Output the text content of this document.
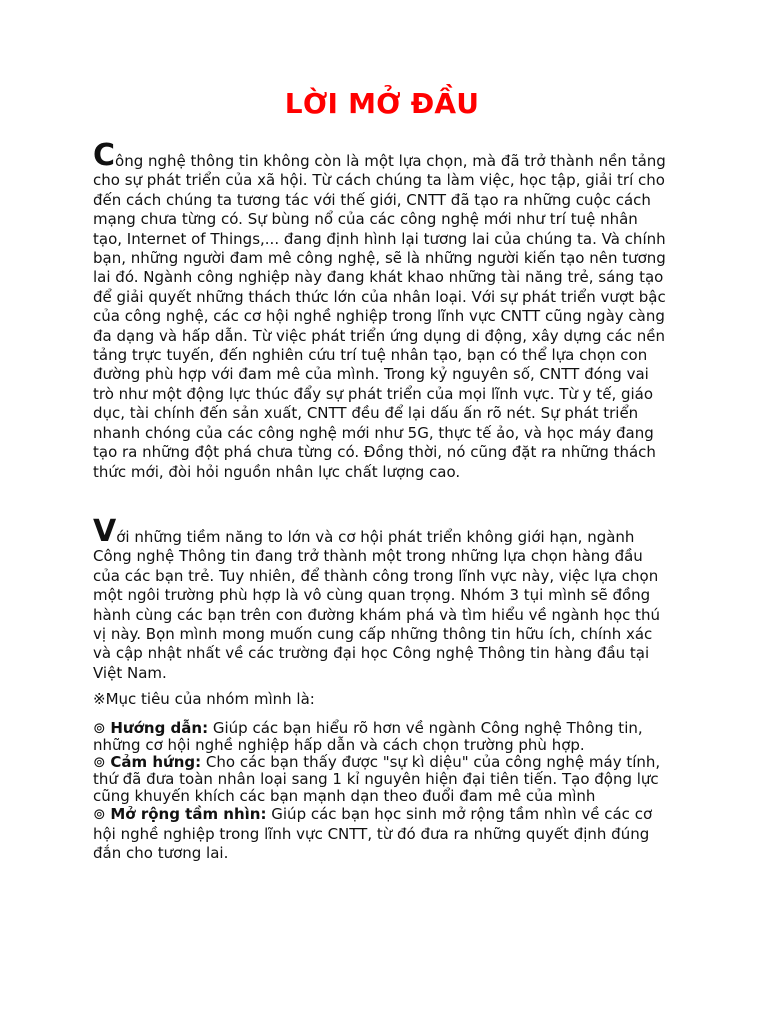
LỜI MỞ ĐẦU

Công nghệ thông tin không còn là một lựa chọn, mà đã trở thành nền tảng cho sự phát triển của xã hội. Từ cách chúng ta làm việc, học tập, giải trí cho đến cách chúng ta tương tác với thế giới, CNTT đã tạo ra những cuộc cách mạng chưa từng có. Sự bùng nổ của các công nghệ mới như trí tuệ nhân tạo, Internet of Things,... đang định hình lại tương lai của chúng ta. Và chính bạn, những người đam mê công nghệ, sẽ là những người kiến tạo nên tương lai đó. Ngành công nghiệp này đang khát khao những tài năng trẻ, sáng tạo để giải quyết những thách thức lớn của nhân loại. Với sự phát triển vượt bậc của công nghệ, các cơ hội nghề nghiệp trong lĩnh vực CNTT cũng ngày càng đa dạng và hấp dẫn. Từ việc phát triển ứng dụng di động, xây dựng các nền tảng trực tuyến, đến nghiên cứu trí tuệ nhân tạo, bạn có thể lựa chọn con đường phù hợp với đam mê của mình. Trong kỷ nguyên số, CNTT đóng vai trò như một động lực thúc đẩy sự phát triển của mọi lĩnh vực. Từ y tế, giáo dục, tài chính đến sản xuất, CNTT đều để lại dấu ấn rõ nét. Sự phát triển nhanh chóng của các công nghệ mới như 5G, thực tế ảo, và học máy đang tạo ra những đột phá chưa từng có. Đồng thời, nó cũng đặt ra những thách thức mới, đòi hỏi nguồn nhân lực chất lượng cao.

Với những tiềm năng to lớn và cơ hội phát triển không giới hạn, ngành Công nghệ Thông tin đang trở thành một trong những lựa chọn hàng đầu của các bạn trẻ. Tuy nhiên, để thành công trong lĩnh vực này, việc lựa chọn một ngôi trường phù hợp là vô cùng quan trọng. Nhóm 3 tụi mình sẽ đồng hành cùng các bạn trên con đường khám phá và tìm hiểu về ngành học thú vị này. Bọn mình mong muốn cung cấp những thông tin hữu ích, chính xác và cập nhật nhất về các trường đại học Công nghệ Thông tin hàng đầu tại Việt Nam.

※Mục tiêu của nhóm mình là:

⊚ Hướng dẫn: Giúp các bạn hiểu rõ hơn về ngành Công nghệ Thông tin, những cơ hội nghề nghiệp hấp dẫn và cách chọn trường phù hợp.

⊚ Cảm hứng: Cho các bạn thấy được "sự kì diệu" của công nghệ máy tính, thứ đã đưa toàn nhân loại sang 1 kỉ nguyên hiện đại tiên tiến. Tạo động lực cũng khuyến khích các bạn mạnh dạn theo đuổi đam mê của mình

⊚ Mở rộng tầm nhìn: Giúp các bạn học sinh mở rộng tầm nhìn về các cơ hội nghề nghiệp trong lĩnh vực CNTT, từ đó đưa ra những quyết định đúng đắn cho tương lai.
